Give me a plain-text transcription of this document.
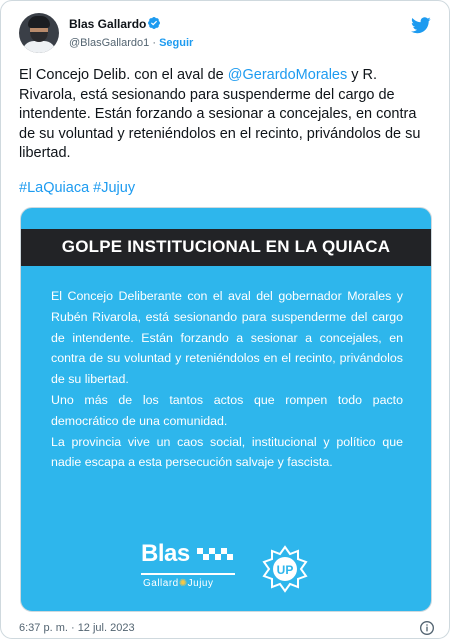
Blas Gallardo
@BlasGallardo1 · Seguir
El Concejo Delib. con el aval de @GerardoMorales y R. Rivarola, está sesionando para suspenderme del cargo de intendente. Están forzando a sesionar a concejales, en contra de su voluntad y reteniéndolos en el recinto, privándolos de su libertad.
#LaQuiaca #Jujuy
GOLPE INSTITUCIONAL EN LA QUIACA

El Concejo Deliberante con el aval del gobernador Morales y Rubén Rivarola, está sesionando para suspenderme del cargo de intendente. Están forzando a sesionar a concejales, en contra de su voluntad y reteniéndolos en el recinto, privándolos de su libertad.

Uno más de los tantos actos que rompen todo pacto democrático de una comunidad.

La provincia vive un caos social, institucional y político que nadie escapa a esta persecución salvaje y fascista.

Blas
Gallard✺Jujuy
UP
6:37 p. m. · 12 jul. 2023
